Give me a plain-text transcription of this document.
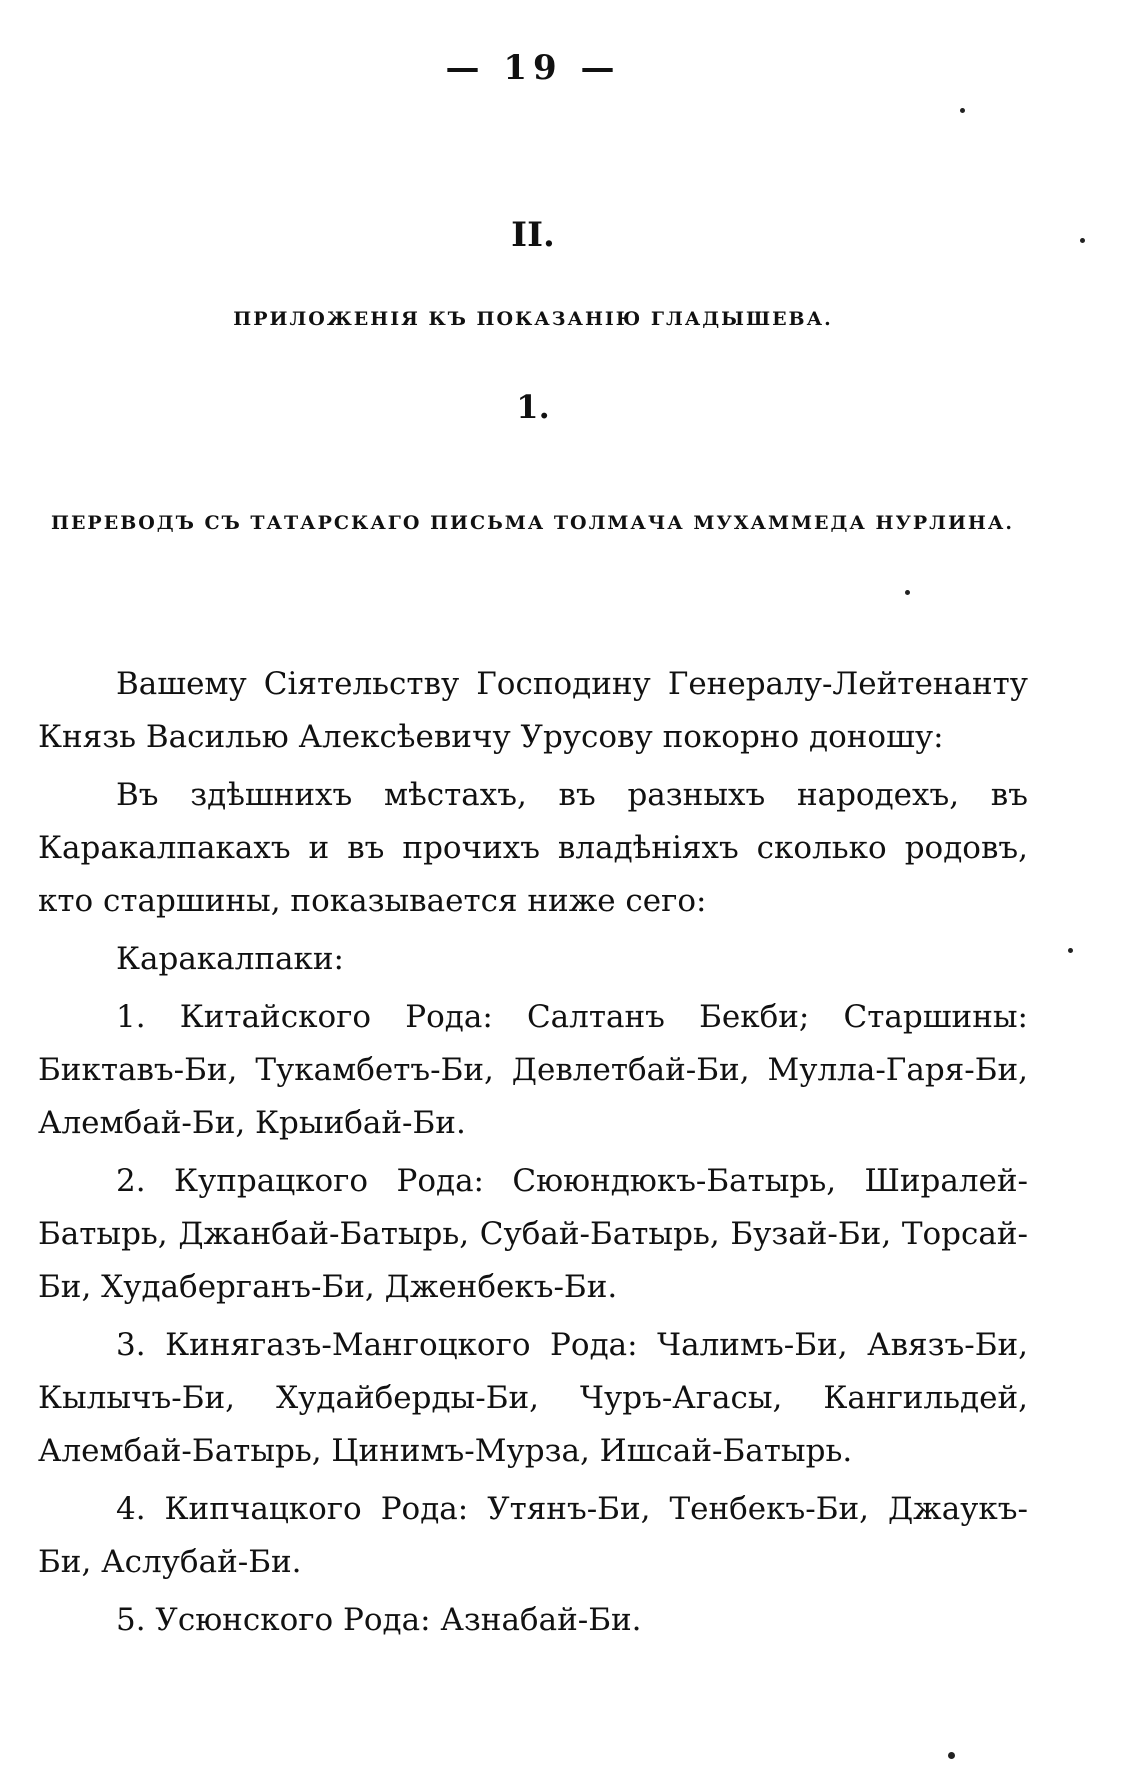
— 19 —
II.
ПРИЛОЖЕНІЯ КЪ ПОКАЗАНІЮ ГЛАДЫШЕВА.
1.
ПЕРЕВОДЪ СЪ ТАТАРСКАГО ПИСЬМА ТОЛМАЧА МУХАММЕДА НУРЛИНА.

Вашему Сіятельству Господину Генералу-Лейтенанту Князь Василью Алексѣевичу Урусову покорно доношу:

Въ здѣшнихъ мѣстахъ, въ разныхъ народехъ, въ Каракалпакахъ и въ прочихъ владѣніяхъ сколько родовъ, кто старшины, показывается ниже сего:

Каракалпаки:

1. Китайского Рода: Салтанъ Бекби; Старшины: Биктавъ-Би, Тукамбетъ-Би, Девлетбай-Би, Мулла-Гаря-Би, Алембай-Би, Крыибай-Би.

2. Купрацкого Рода: Сююндюкъ-Батырь, Ширалей-Батырь, Джанбай-Батырь, Субай-Батырь, Бузай-Би, Торсай-Би, Худаберганъ-Би, Дженбекъ-Би.

3. Кинягазъ-Мангоцкого Рода: Чалимъ-Би, Авязъ-Би, Кылычъ-Би, Худайберды-Би, Чуръ-Агасы, Кангильдей, Алембай-Батырь, Цинимъ-Мурза, Ишсай-Батырь.

4. Кипчацкого Рода: Утянъ-Би, Тенбекъ-Би, Джаукъ-Би, Аслубай-Би.

5. Усюнского Рода: Азнабай-Би.
